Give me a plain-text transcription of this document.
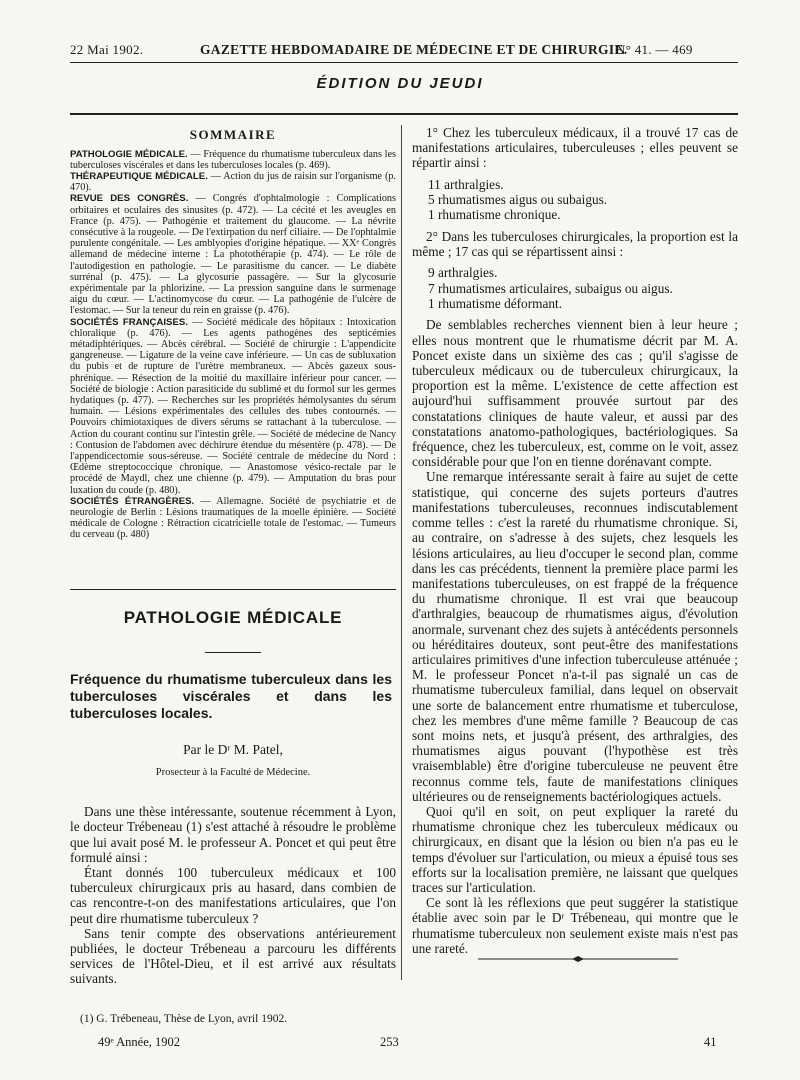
22 Mai 1902.	GAZETTE HEBDOMADAIRE DE MÉDECINE ET DE CHIRURGIE.
N° 41. — 469
ÉDITION DU JEUDI
SOMMAIRE

PATHOLOGIE MÉDICALE. — Fréquence du rhumatisme tuberculeux dans les tuberculoses viscérales et dans les tuberculoses locales (p. 469).

THÉRAPEUTIQUE MÉDICALE. — Action du jus de raisin sur l'organisme (p. 470).

REVUE DES CONGRÈS. — Congrès d'ophtalmologie : Complications orbitaires et oculaires des sinusites (p. 472). — La cécité et les aveugles en France (p. 475). — Pathogénie et traitement du glaucome. — La névrite consécutive à la rougeole. — De l'extirpation du nerf ciliaire. — De l'ophtalmie purulente congénitale. — Les amblyopies d'origine hépatique. — XXᵉ Congrès allemand de médecine interne : La photothérapie (p. 474). — Le rôle de l'autodigestion en pathologie. — Le parasitisme du cancer. — Le diabète surrénal (p. 475). — La glycosurie passagère. — Sur la glycosurie expérimentale par la phlorizine. — La pression sanguine dans le surmenage aigu du cœur. — L'actinomycose du cœur. — La pathogénie de l'ulcère de l'estomac. — Sur la teneur du rein en graisse (p. 476).

SOCIÉTÉS FRANÇAISES. — Société médicale des hôpitaux : Intoxication chloralique (p. 476). — Les agents pathogènes des septicémies métadiphtériques. — Abcès cérébral. — Société de chirurgie : L'appendicite gangreneuse. — Ligature de la veine cave inférieure. — Un cas de subluxation du pubis et de rupture de l'urètre membraneux. — Abcès gazeux sous-phrénique. — Résection de la moitié du maxillaire inférieur pour cancer. — Société de biologie : Action parasiticide du sublimé et du formol sur les germes hydatiques (p. 477). — Recherches sur les propriétés hémolysantes du sérum humain. — Lésions expérimentales des cellules des tubes contournés. — Pouvoirs chimiotaxiques de divers sérums se rattachant à la tuberculose. — Action du courant continu sur l'intestin grêle. — Société de médecine de Nancy : Contusion de l'abdomen avec déchirure étendue du mésentère (p. 478). — De l'appendicectomie sous-séreuse. — Société centrale de médecine du Nord : Œdème streptococcique chronique. — Anastomose vésico-rectale par le procédé de Maydl, chez une chienne (p. 479). — Amputation du bras pour luxation du coude (p. 480).

SOCIÉTÉS ÉTRANGÈRES. — Allemagne. Société de psychiatrie et de neurologie de Berlin : Lésions traumatiques de la moelle épinière. — Société médicale de Cologne : Rétraction cicatricielle totale de l'estomac. — Tumeurs du cerveau (p. 480)

PATHOLOGIE MÉDICALE
Fréquence du rhumatisme tuberculeux dans les tuberculoses viscérales et dans les tuberculoses locales.
Par le Dʳ M. Patel,
Prosecteur à la Faculté de Médecine.

Dans une thèse intéressante, soutenue récemment à Lyon, le docteur Trébeneau (1) s'est attaché à résoudre le problème que lui avait posé M. le professeur A. Poncet et qui peut être formulé ainsi :

Étant donnés 100 tuberculeux médicaux et 100 tuberculeux chirurgicaux pris au hasard, dans combien de cas rencontre-t-on des manifestations articulaires, que l'on peut dire rhumatisme tuberculeux ?

Sans tenir compte des observations antérieurement publiées, le docteur Trébeneau a parcouru les différents services de l'Hôtel-Dieu, et il est arrivé aux résultats suivants.

(1) G. Trébeneau, Thèse de Lyon, avril 1902.

1° Chez les tuberculeux médicaux, il a trouvé 17 cas de manifestations articulaires, tuberculeuses ; elles peuvent se répartir ainsi :

11 arthralgies.
5 rhumatismes aigus ou subaigus.
1 rhumatisme chronique.

2° Dans les tuberculoses chirurgicales, la proportion est la même ; 17 cas qui se répartissent ainsi :

9 arthralgies.
7 rhumatismes articulaires, subaigus ou aigus.
1 rhumatisme déformant.

De semblables recherches viennent bien à leur heure ; elles nous montrent que le rhumatisme décrit par M. A. Poncet existe dans un sixième des cas ; qu'il s'agisse de tuberculeux médicaux ou de tuberculeux chirurgicaux, la proportion est la même. L'existence de cette affection est aujourd'hui suffisamment prouvée surtout par des constatations cliniques de haute valeur, et aussi par des constatations anatomo-pathologiques, bactériologiques. Sa fréquence, chez les tuberculeux, est, comme on le voit, assez considérable pour que l'on en tienne dorénavant compte.

Une remarque intéressante serait à faire au sujet de cette statistique, qui concerne des sujets porteurs d'autres manifestations tuberculeuses, reconnues indiscutablement comme telles : c'est la rareté du rhumatisme chronique. Si, au contraire, on s'adresse à des sujets, chez lesquels les lésions articulaires, au lieu d'occuper le second plan, comme dans les cas précédents, tiennent la première place parmi les manifestations tuberculeuses, on est frappé de la fréquence du rhumatisme chronique. Il est vrai que beaucoup d'arthralgies, beaucoup de rhumatismes aigus, d'évolution anormale, survenant chez des sujets à antécédents personnels ou héréditaires douteux, sont peut-être des manifestations articulaires primitives d'une infection tuberculeuse atténuée ; M. le professeur Poncet n'a-t-il pas signalé un cas de rhumatisme tuberculeux familial, dans lequel on observait une sorte de balancement entre rhumatisme et tuberculose, chez les membres d'une même famille ? Beaucoup de cas sont moins nets, et jusqu'à présent, des arthralgies, des rhumatismes aigus pouvant (l'hypothèse est très vraisemblable) être d'origine tuberculeuse ne peuvent être reconnus comme tels, faute de manifestations cliniques ultérieures ou de renseignements bactériologiques actuels.

Quoi qu'il en soit, on peut expliquer la rareté du rhumatisme chronique chez les tuberculeux médicaux ou chirurgicaux, en disant que la lésion ou bien n'a pas eu le temps d'évoluer sur l'articulation, ou mieux a épuisé tous ses efforts sur la localisation première, ne laissant que quelques traces sur l'articulation.

Ce sont là les réflexions que peut suggérer la statistique établie avec soin par le Dʳ Trébeneau, qui montre que le rhumatisme tuberculeux non seulement existe mais n'est pas une rareté.

49ᵉ Année, 1902	253	41
